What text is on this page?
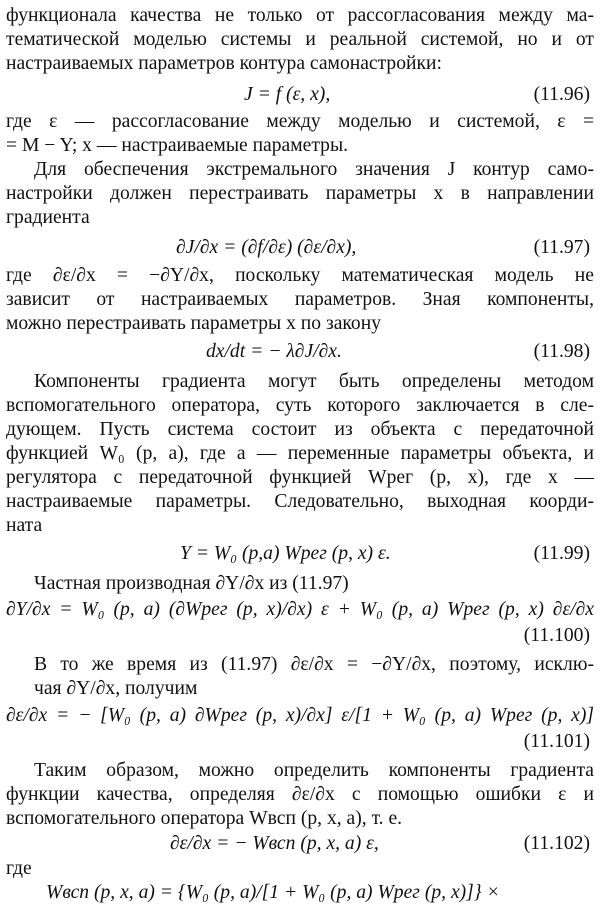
функционала качества не только от рассогласования между ма-
тематической моделью системы и реальной системой, но и от
настраиваемых параметров контура самонастройки:
J = f (ε, x),	(11.96)
где ε — рассогласование между моделью и системой, ε =
= M − Y; x — настраиваемые параметры.
Для обеспечения экстремального значения J контур само-
настройки должен перестраивать параметры x в направлении
градиента
∂J/∂x = (∂f/∂ε) (∂ε/∂x),	(11.97)
где ∂ε/∂x = −∂Y/∂x, поскольку математическая модель не
зависит от настраиваемых параметров. Зная компоненты,
можно перестраивать параметры x по закону
dx/dt = − λ∂J/∂x.	(11.98)
Компоненты градиента могут быть определены методом
вспомогательного оператора, суть которого заключается в сле-
дующем. Пусть система состоит из объекта с передаточной
функцией W₀ (p, a), где a — переменные параметры объекта, и
регулятора с передаточной функцией Wрег (p, x), где x —
настраиваемые параметры. Следовательно, выходная коорди-
ната
Y = W₀ (p,a) Wрег (p, x) ε.	(11.99)
Частная производная ∂Y/∂x из (11.97)
∂Y/∂x = W₀ (p, a) (∂Wрег (p, x)/∂x) ε + W₀ (p, a) Wрег (p, x) ∂ε/∂x
(11.100)
В то же время из (11.97) ∂ε/∂x = −∂Y/∂x, поэтому, исклю-
чая ∂Y/∂x, получим
∂ε/∂x = − [W₀ (p, a) ∂Wрег (p, x)/∂x] ε/[1 + W₀ (p, a) Wрег (p, x)]
(11.101)
Таким образом, можно определить компоненты градиента
функции качества, определяя ∂ε/∂x с помощью ошибки ε и
вспомогательного оператора Wвсп (p, x, a), т. е.
∂ε/∂x = − Wвсп (p, x, a) ε,	(11.102)
где
Wвсп (p, x, a) = {W₀ (p, a)/[1 + W₀ (p, a) Wрег (p, x)]} ×
